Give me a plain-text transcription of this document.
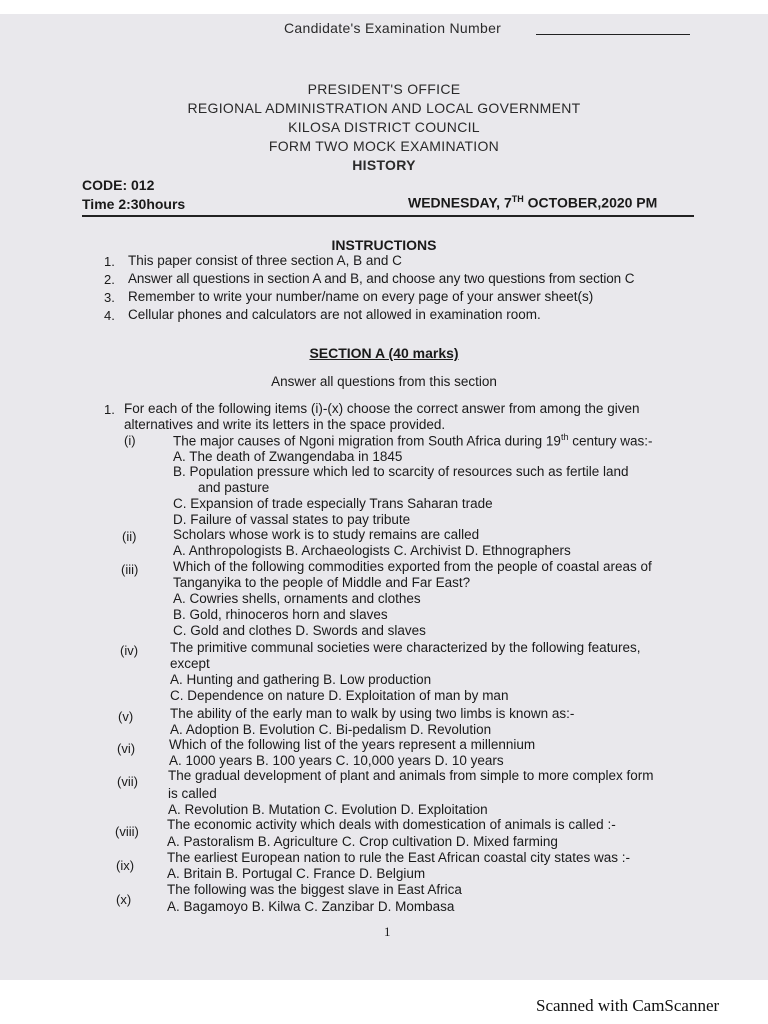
Candidate's Examination Number
PRESIDENT'S OFFICE
REGIONAL ADMINISTRATION AND LOCAL GOVERNMENT
KILOSA DISTRICT COUNCIL
FORM TWO MOCK EXAMINATION
HISTORY
CODE: 012
Time 2:30hours	WEDNESDAY, 7TH OCTOBER,2020 PM
INSTRUCTIONS
1. This paper consist of three section A, B and C
2. Answer all questions in section A and B, and choose any two questions from section C
3. Remember to write your number/name on every page of your answer sheet(s)
4. Cellular phones and calculators are not allowed in examination room.
SECTION A (40 marks)
Answer all questions from this section
1. For each of the following items (i)-(x) choose the correct answer from among the given
alternatives and write its letters in the space provided.
(i)	The major causes of Ngoni migration from South Africa during 19th century was:-
A. The death of Zwangendaba in 1845
B. Population pressure which led to scarcity of resources such as fertile land
and pasture
C. Expansion of trade especially Trans Saharan trade
D. Failure of vassal states to pay tribute
(ii)	Scholars whose work is to study remains are called
A. Anthropologists B. Archaeologists C. Archivist D. Ethnographers
(iii)	Which of the following commodities exported from the people of coastal areas of
Tanganyika to the people of Middle and Far East?
A. Cowries shells, ornaments and clothes
B. Gold, rhinoceros horn and slaves
C. Gold and clothes D. Swords and slaves
(iv) The primitive communal societies were characterized by the following features,
except
A. Hunting and gathering B. Low production
C. Dependence on nature D. Exploitation of man by man
(v)	The ability of the early man to walk by using two limbs is known as:-
A. Adoption B. Evolution C. Bi-pedalism D. Revolution
(vi)	Which of the following list of the years represent a millennium
A. 1000 years B. 100 years C. 10,000 years D. 10 years
(vii) The gradual development of plant and animals from simple to more complex form
is called
A. Revolution B. Mutation C. Evolution D. Exploitation
(viii) The economic activity which deals with domestication of animals is called :-
A. Pastoralism B. Agriculture C. Crop cultivation D. Mixed farming
(ix)
The earliest European nation to rule the East African coastal city states was :-
A. Britain B. Portugal C. France D. Belgium
(x)
The following was the biggest slave in East Africa
A. Bagamoyo B. Kilwa C. Zanzibar D. Mombasa
1
Scanned with CamScanner
